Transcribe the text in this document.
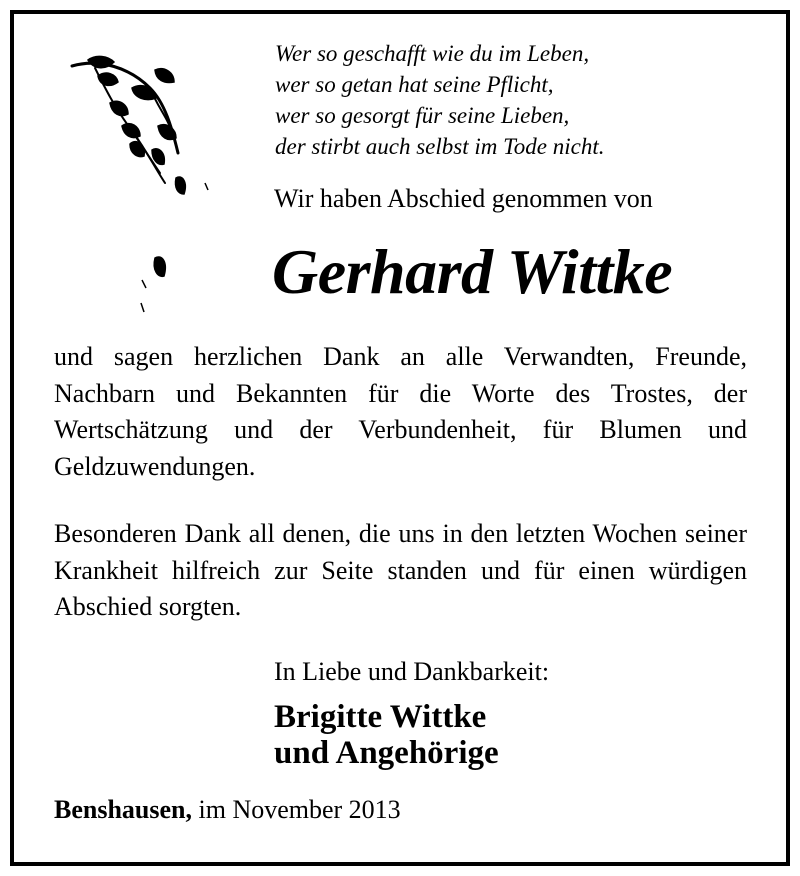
Wer so geschafft wie du im Leben,
wer so getan hat seine Pflicht,
wer so gesorgt für seine Lieben,
der stirbt auch selbst im Tode nicht.
Wir haben Abschied genommen von
Gerhard Wittke
und sagen herzlichen Dank an alle Verwandten, Freunde, Nachbarn und Bekannten für die Worte des Trostes, der Wertschätzung und der Verbundenheit, für Blumen und Geldzuwendungen.
Besonderen Dank all denen, die uns in den letzten Wochen seiner Krankheit hilfreich zur Seite standen und für einen würdigen Abschied sorgten.
In Liebe und Dankbarkeit:
Brigitte Wittke
und Angehörige
Benshausen, im November 2013
